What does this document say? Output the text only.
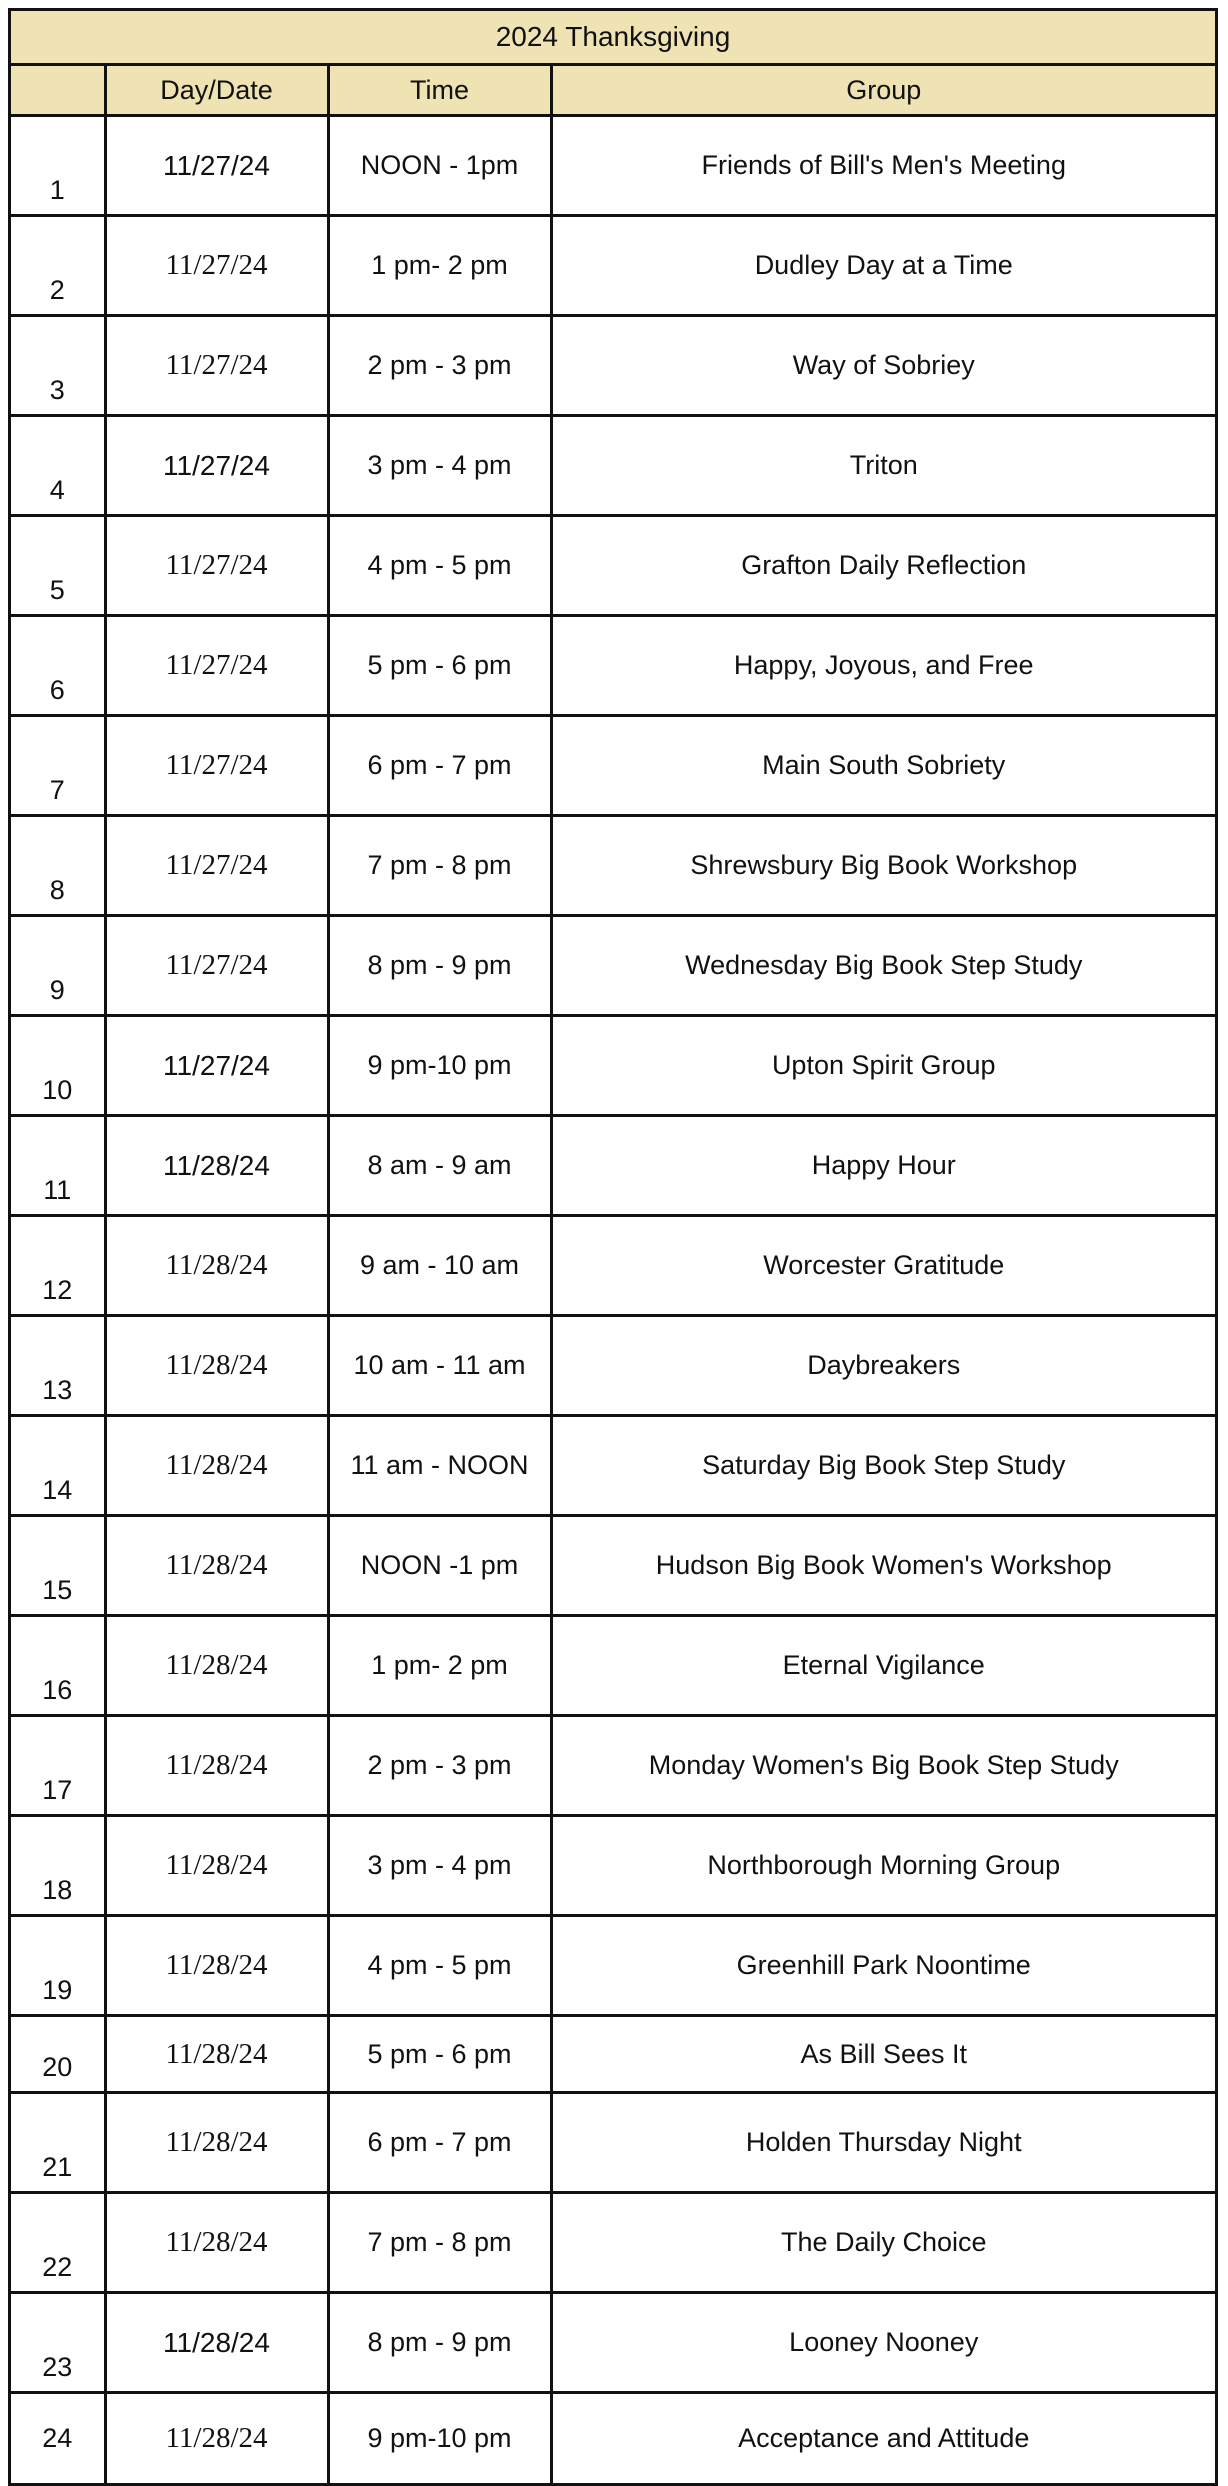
2024 Thanksgiving
	Day/Date	Time	Group
1	11/27/24	NOON - 1pm	Friends of Bill's Men's Meeting
2	11/27/24	1 pm- 2 pm	Dudley Day at a Time
3	11/27/24	2 pm - 3 pm	Way of Sobriey
4	11/27/24	3 pm - 4 pm	Triton
5	11/27/24	4 pm - 5 pm	Grafton Daily Reflection
6	11/27/24	5 pm - 6 pm	Happy, Joyous, and Free
7	11/27/24	6 pm - 7 pm	Main South Sobriety
8	11/27/24	7 pm - 8 pm	Shrewsbury Big Book Workshop
9	11/27/24	8 pm - 9 pm	Wednesday Big Book Step Study
10	11/27/24	9 pm-10 pm	Upton Spirit Group
11	11/28/24	8 am - 9 am	Happy Hour
12	11/28/24	9 am - 10 am	Worcester Gratitude
13	11/28/24	10 am - 11 am	Daybreakers
14	11/28/24	11 am - NOON	Saturday Big Book Step Study
15	11/28/24	NOON -1 pm	Hudson Big Book Women's Workshop
16	11/28/24	1 pm- 2 pm	Eternal Vigilance
17	11/28/24	2 pm - 3 pm	Monday Women's Big Book Step Study
18	11/28/24	3 pm - 4 pm	Northborough Morning Group
19	11/28/24	4 pm - 5 pm	Greenhill Park Noontime
20	11/28/24	5 pm - 6 pm	As Bill Sees It
21	11/28/24	6 pm - 7 pm	Holden Thursday Night
22	11/28/24	7 pm - 8 pm	The Daily Choice
23	11/28/24	8 pm - 9 pm	Looney Nooney
24	11/28/24	9 pm-10 pm	Acceptance and Attitude
